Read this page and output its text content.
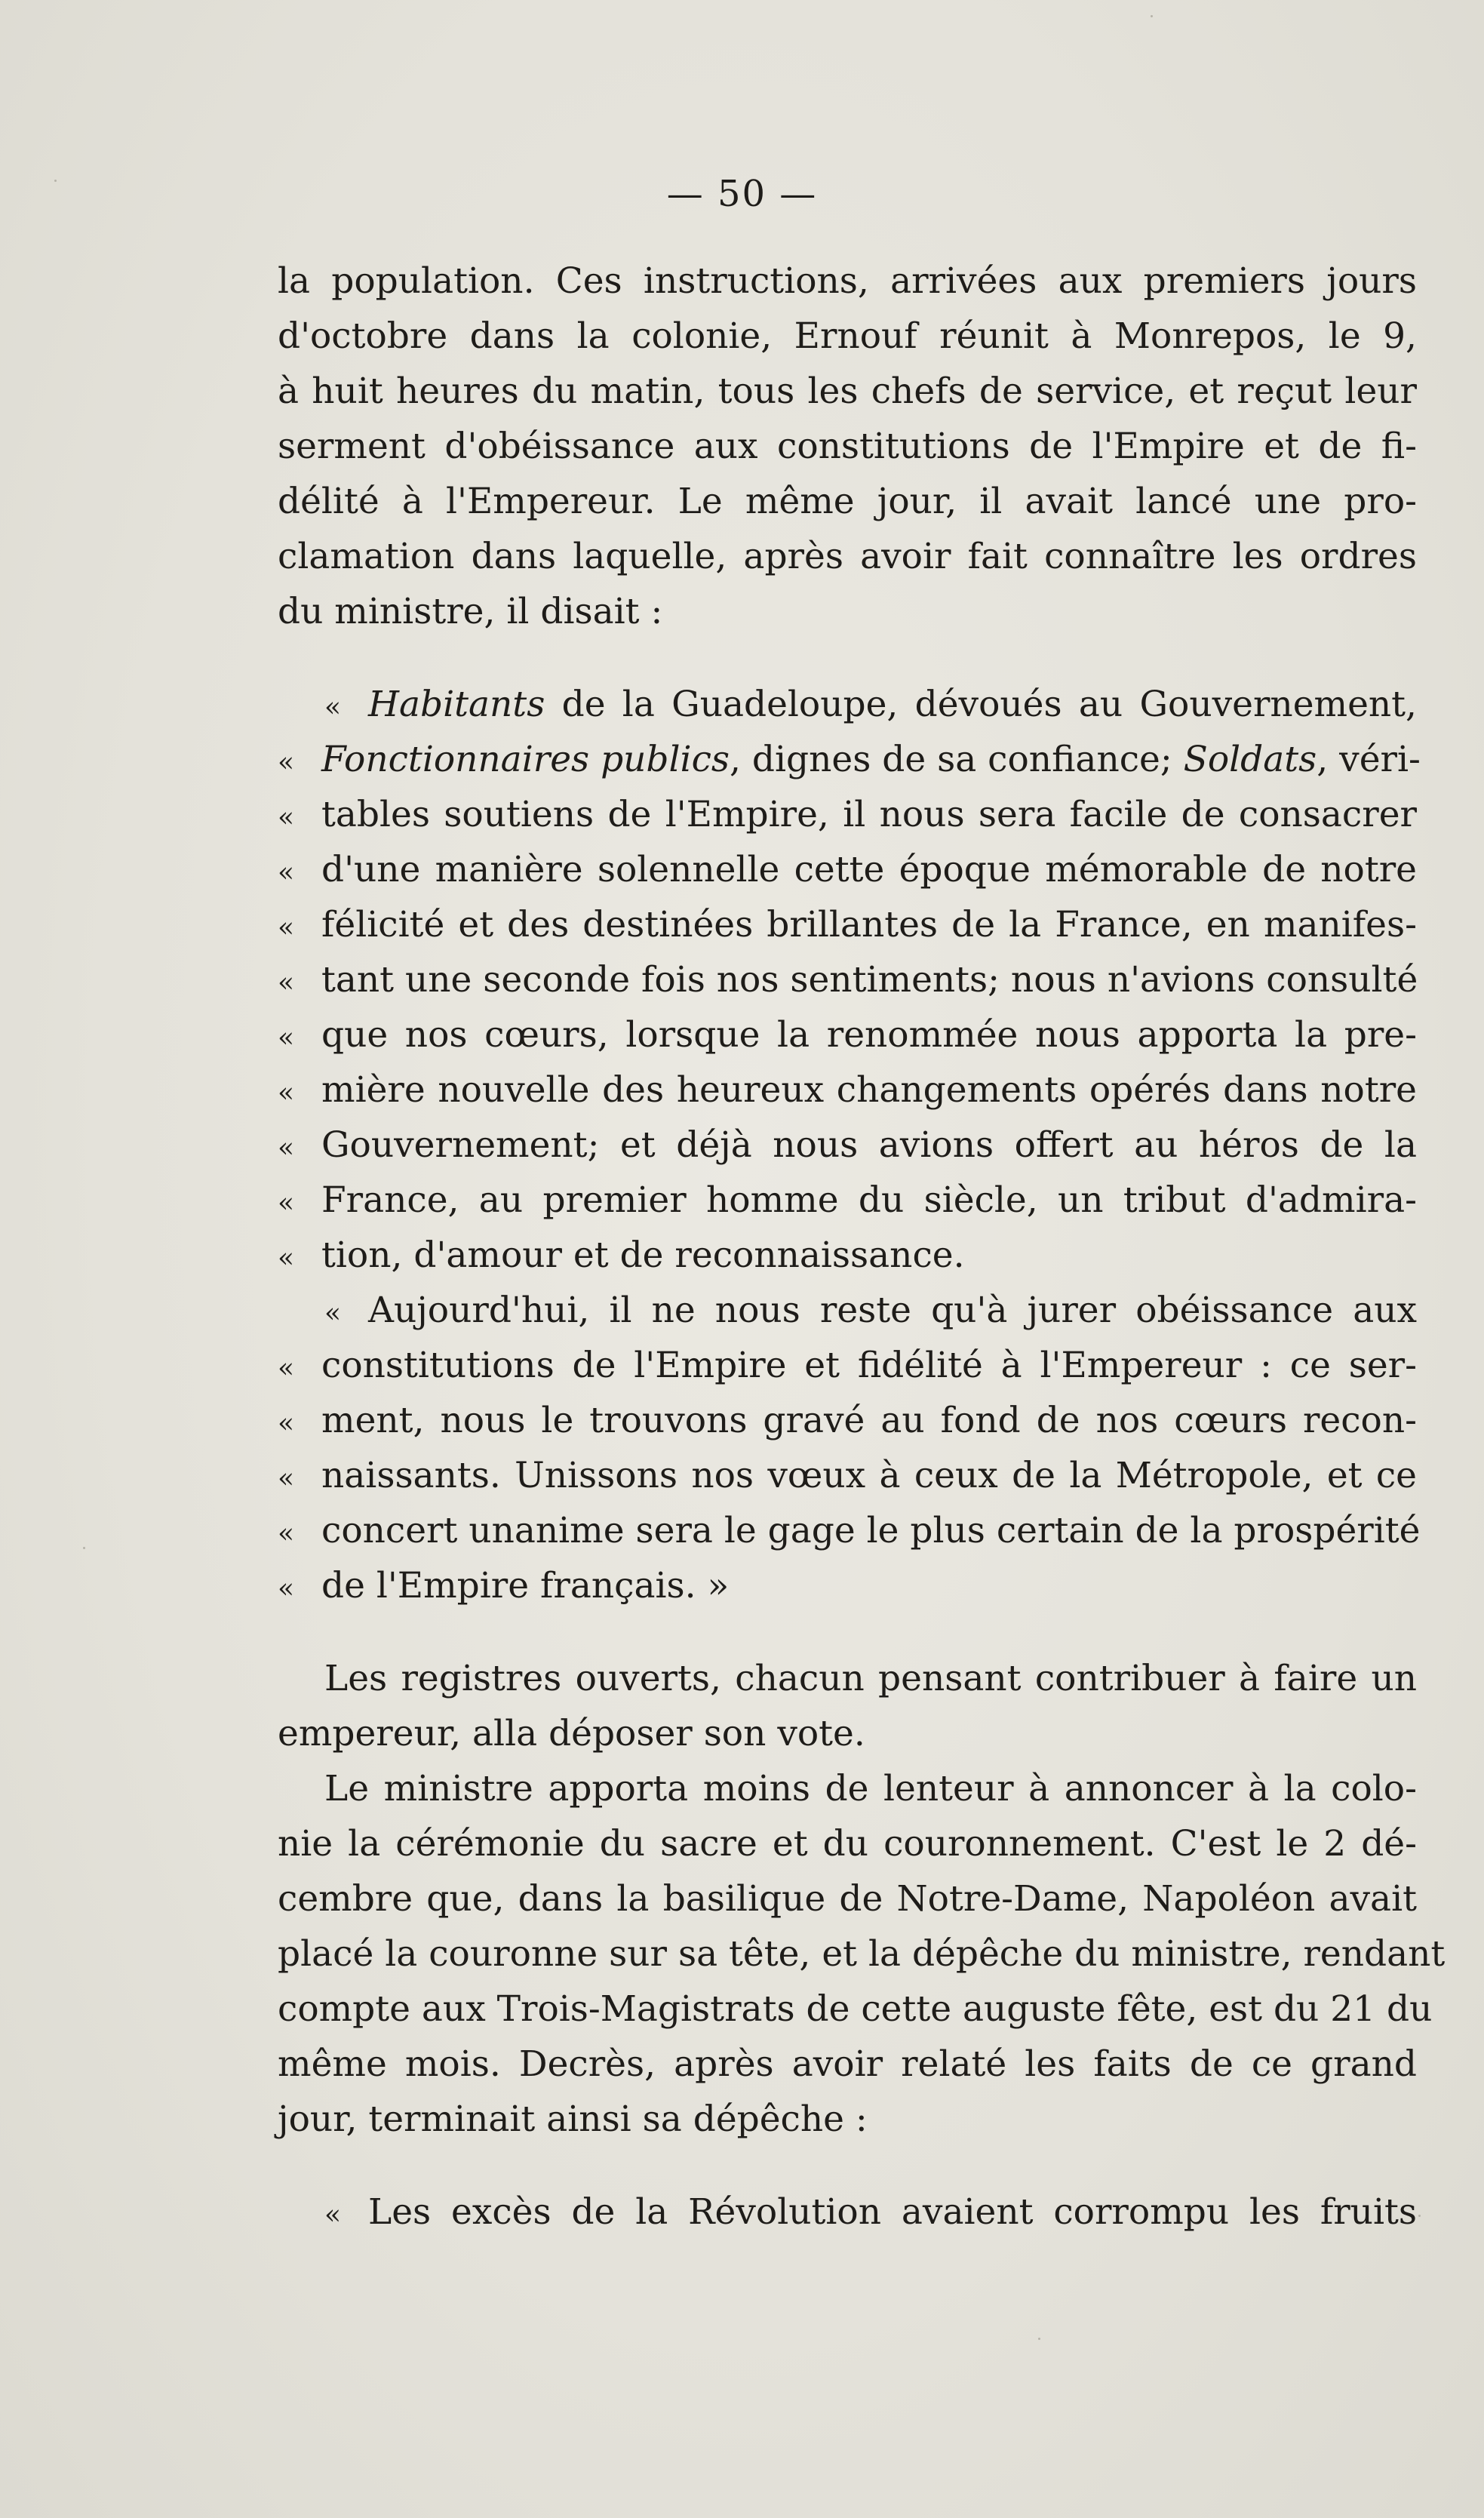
— 50 —
la population. Ces instructions, arrivées aux premiers jours
d'octobre dans la colonie, Ernouf réunit à Monrepos, le 9,
à huit heures du matin, tous les chefs de service, et reçut leur
serment d'obéissance aux constitutions de l'Empire et de fi-
délité à l'Empereur. Le même jour, il avait lancé une pro-
clamation dans laquelle, après avoir fait connaître les ordres
du ministre, il disait :
« Habitants de la Guadeloupe, dévoués au Gouvernement,
« Fonctionnaires publics, dignes de sa confiance; Soldats, véri-
« tables soutiens de l'Empire, il nous sera facile de consacrer
« d'une manière solennelle cette époque mémorable de notre
« félicité et des destinées brillantes de la France, en manifes-
« tant une seconde fois nos sentiments; nous n'avions consulté
« que nos cœurs, lorsque la renommée nous apporta la pre-
« mière nouvelle des heureux changements opérés dans notre
« Gouvernement; et déjà nous avions offert au héros de la
« France, au premier homme du siècle, un tribut d'admira-
« tion, d'amour et de reconnaissance.
« Aujourd'hui, il ne nous reste qu'à jurer obéissance aux
« constitutions de l'Empire et fidélité à l'Empereur : ce ser-
« ment, nous le trouvons gravé au fond de nos cœurs recon-
« naissants. Unissons nos vœux à ceux de la Métropole, et ce
« concert unanime sera le gage le plus certain de la prospérité
« de l'Empire français. »
Les registres ouverts, chacun pensant contribuer à faire un
empereur, alla déposer son vote.
Le ministre apporta moins de lenteur à annoncer à la colo-
nie la cérémonie du sacre et du couronnement. C'est le 2 dé-
cembre que, dans la basilique de Notre-Dame, Napoléon avait
placé la couronne sur sa tête, et la dépêche du ministre, rendant
compte aux Trois-Magistrats de cette auguste fête, est du 21 du
même mois. Decrès, après avoir relaté les faits de ce grand
jour, terminait ainsi sa dépêche :
« Les excès de la Révolution avaient corrompu les fruits
